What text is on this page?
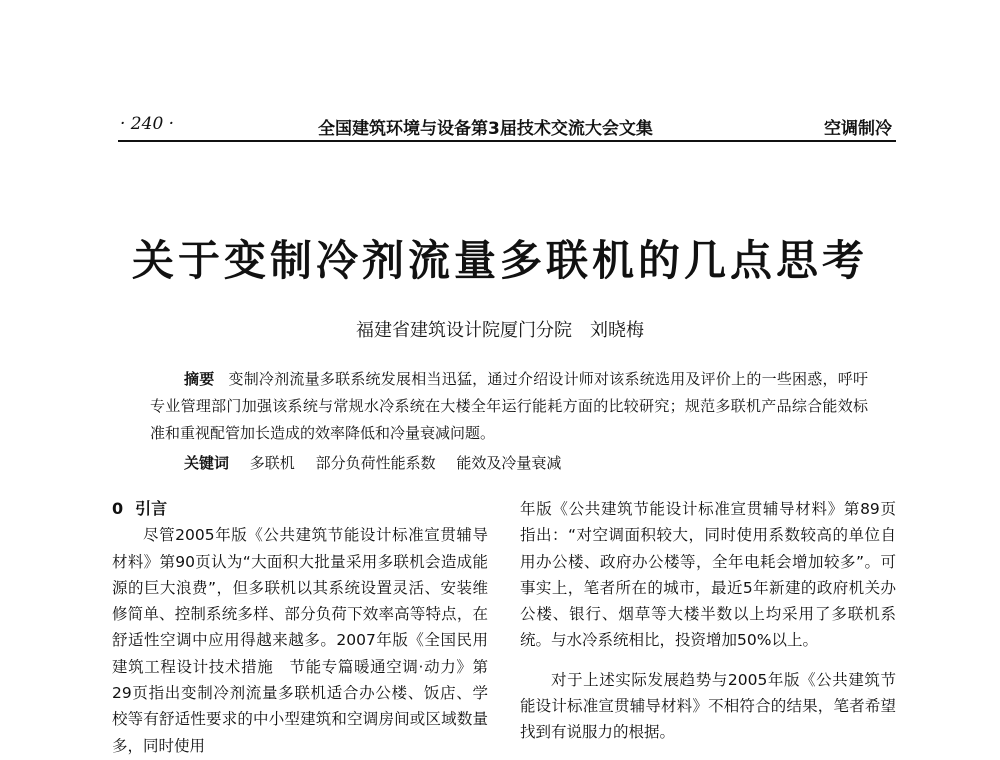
· 240 ·	全国建筑环境与设备第3届技术交流大会文集	空调制冷
关于变制冷剂流量多联机的几点思考
福建省建筑设计院厦门分院 刘晓梅
摘要 变制冷剂流量多联系统发展相当迅猛，通过介绍设计师对该系统选用及评价上的一些困惑，呼吁专业管理部门加强该系统与常规水冷系统在大楼全年运行能耗方面的比较研究；规范多联机产品综合能效标准和重视配管加长造成的效率降低和冷量衰减问题。
关键词 多联机 部分负荷性能系数 能效及冷量衰减
0 引言

尽管2005年版《公共建筑节能设计标准宣贯辅导材料》第90页认为“大面积大批量采用多联机会造成能源的巨大浪费”，但多联机以其系统设置灵活、安装维修简单、控制系统多样、部分负荷下效率高等特点，在舒适性空调中应用得越来越多。2007年版《全国民用建筑工程设计技术措施　节能专篇暖通空调·动力》第29页指出变制冷剂流量多联机适合办公楼、饭店、学校等有舒适性要求的中小型建筑和空调房间或区域数量多，同时使用

年版《公共建筑节能设计标准宣贯辅导材料》第89页指出：“对空调面积较大，同时使用系数较高的单位自用办公楼、政府办公楼等，全年电耗会增加较多”。可事实上，笔者所在的城市，最近5年新建的政府机关办公楼、银行、烟草等大楼半数以上均采用了多联机系统。与水冷系统相比，投资增加50%以上。

对于上述实际发展趋势与2005年版《公共建筑节能设计标准宣贯辅导材料》不相符合的结果，笔者希望找到有说服力的根据。
